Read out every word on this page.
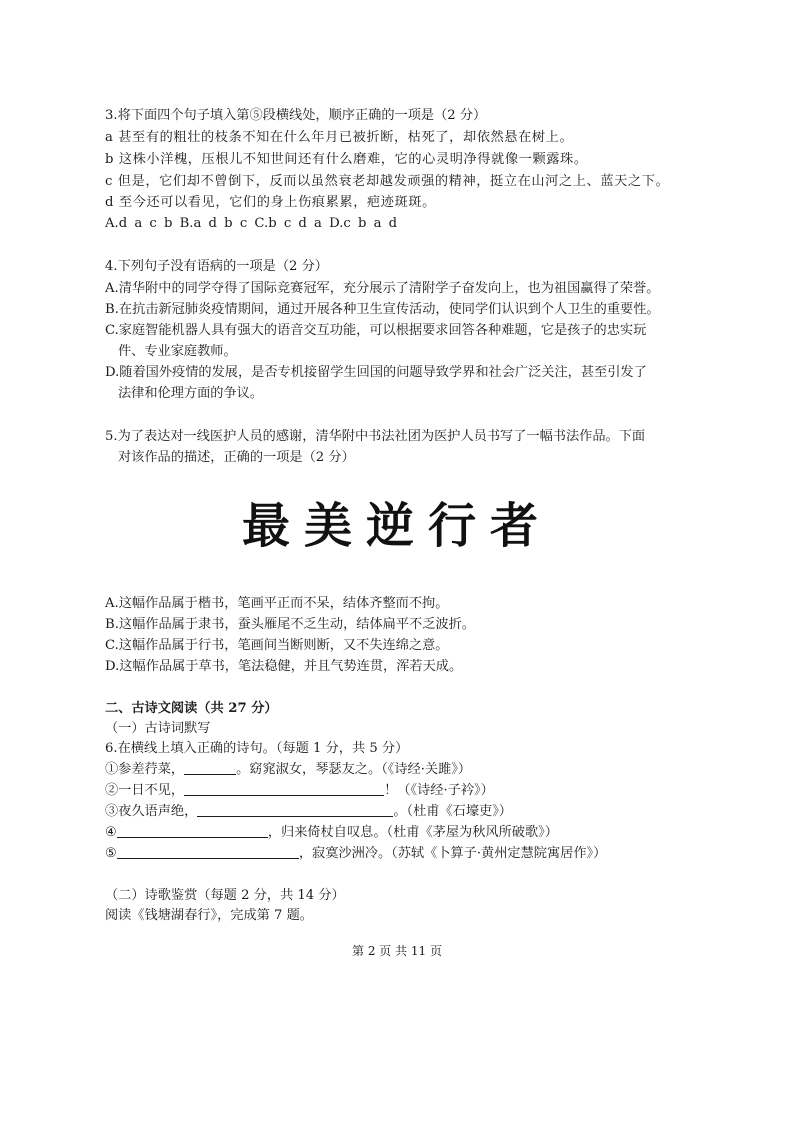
3.将下面四个句子填入第⑤段横线处，顺序正确的一项是（2 分）
a 甚至有的粗壮的枝条不知在什么年月已被折断，枯死了，却依然悬在树上。
b 这株小洋槐，压根儿不知世间还有什么磨难，它的心灵明净得就像一颗露珠。
c 但是，它们却不曾倒下，反而以虽然衰老却越发顽强的精神，挺立在山河之上、蓝天之下。
d 至今还可以看见，它们的身上伤痕累累，疤迹斑斑。
A.d a c b B.a d b c C.b c d a D.c b a d
4.下列句子没有语病的一项是（2 分）
A.清华附中的同学夺得了国际竞赛冠军，充分展示了清附学子奋发向上，也为祖国赢得了荣誉。
B.在抗击新冠肺炎疫情期间，通过开展各种卫生宣传活动，使同学们认识到个人卫生的重要性。
C.家庭智能机器人具有强大的语音交互功能，可以根据要求回答各种难题，它是孩子的忠实玩
件、专业家庭教师。
D.随着国外疫情的发展，是否专机接留学生回国的问题导致学界和社会广泛关注，甚至引发了
法律和伦理方面的争议。
5.为了表达对一线医护人员的感谢，清华附中书法社团为医护人员书写了一幅书法作品。下面
对该作品的描述，正确的一项是（2 分）
最美逆行者
A.这幅作品属于楷书，笔画平正而不呆，结体齐整而不拘。
B.这幅作品属于隶书，蚕头雁尾不乏生动，结体扁平不乏波折。
C.这幅作品属于行书，笔画间当断则断，又不失连绵之意。
D.这幅作品属于草书，笔法稳健，并且气势连贯，浑若天成。
二、古诗文阅读（共 27 分）
（一）古诗词默写
6.在横线上填入正确的诗句。（每题 1 分，共 5 分）
①参差荇菜，	。窈窕淑女，琴瑟友之。（《诗经·关雎》）
②一日不见，	！（《诗经·子衿》）
③夜久语声绝，	。（杜甫《石壕吏》）
④	，归来倚杖自叹息。（杜甫《茅屋为秋风所破歌》）
⑤	，寂寞沙洲冷。（苏轼《卜算子·黄州定慧院寓居作》）
（二）诗歌鉴赏（每题 2 分，共 14 分）
阅读《钱塘湖春行》，完成第 7 题。
第 2 页 共 11 页
